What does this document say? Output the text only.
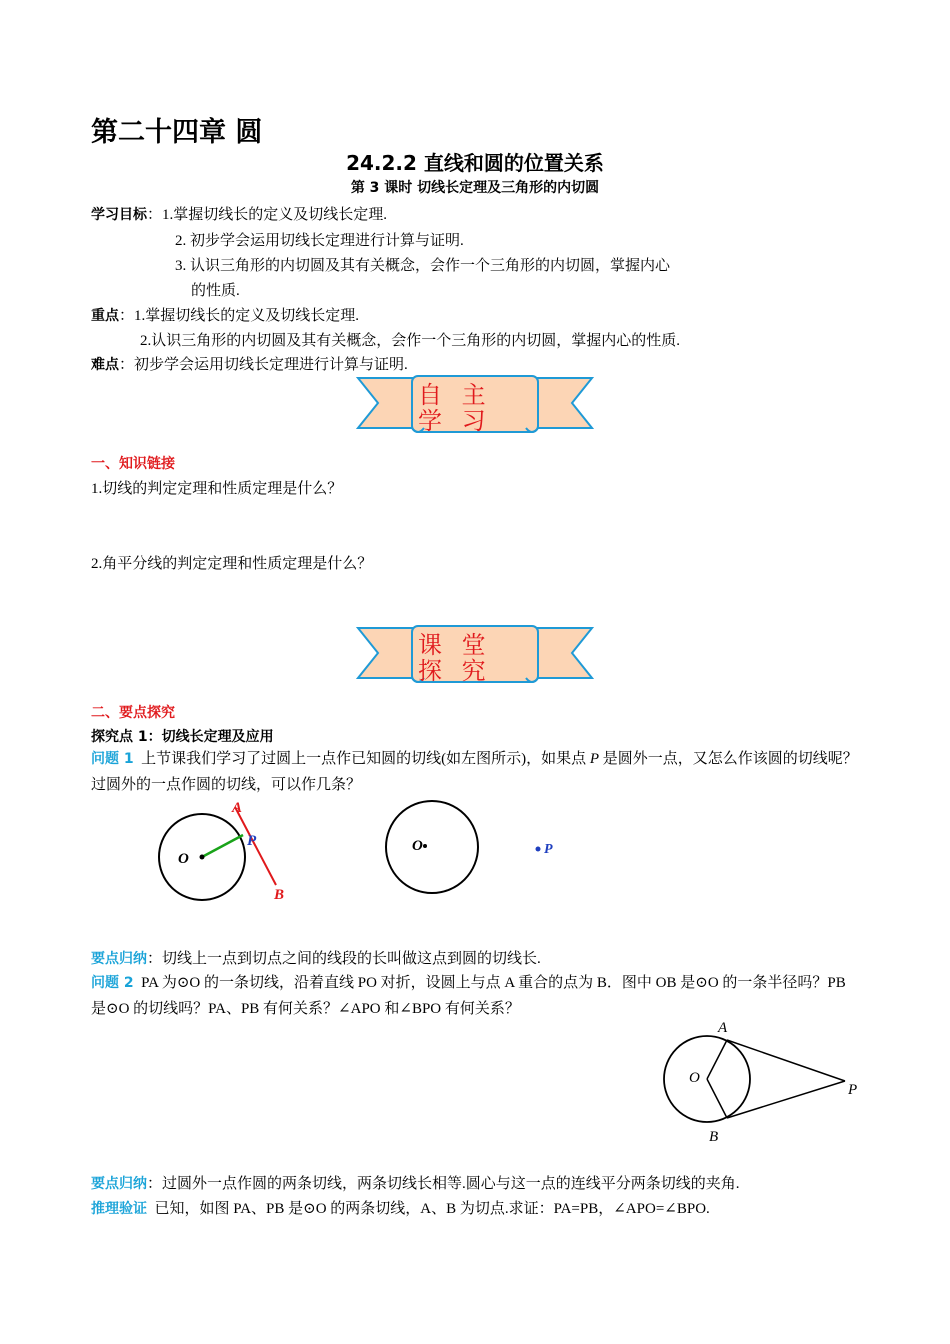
第二十四章 圆
24.2.2 直线和圆的位置关系
第 3 课时 切线长定理及三角形的内切圆
学习目标：1.掌握切线长的定义及切线长定理.
2. 初步学会运用切线长定理进行计算与证明.
3. 认识三角形的内切圆及其有关概念，会作一个三角形的内切圆，掌握内心
的性质.
重点：1.掌握切线长的定义及切线长定理.
2.认识三角形的内切圆及其有关概念，会作一个三角形的内切圆，掌握内心的性质.
难点：初步学会运用切线长定理进行计算与证明.
自 主 学 习
一、知识链接
1.切线的判定定理和性质定理是什么？
2.角平分线的判定定理和性质定理是什么？
课 堂 探 究
二、要点探究
探究点 1：切线长定理及应用
问题 1 上节课我们学习了过圆上一点作已知圆的切线(如左图所示)，如果点 P 是圆外一点，又怎么作该圆的切线呢？过圆外的一点作圆的切线，可以作几条？
O
P
A
B
O	P
要点归纳：切线上一点到切点之间的线段的长叫做这点到圆的切线长.
问题 2 PA 为⊙O 的一条切线，沿着直线 PO 对折，设圆上与点 A 重合的点为 B．图中 OB 是⊙O 的一条半径吗？PB 是⊙O 的切线吗？PA、PB 有何关系？∠APO 和∠BPO 有何关系？
O
A
B
P
要点归纳：过圆外一点作圆的两条切线，两条切线长相等.圆心与这一点的连线平分两条切线的夹角.
推理验证 已知，如图 PA、PB 是⊙O 的两条切线，A、B 为切点.求证：PA=PB，∠APO=∠BPO.
